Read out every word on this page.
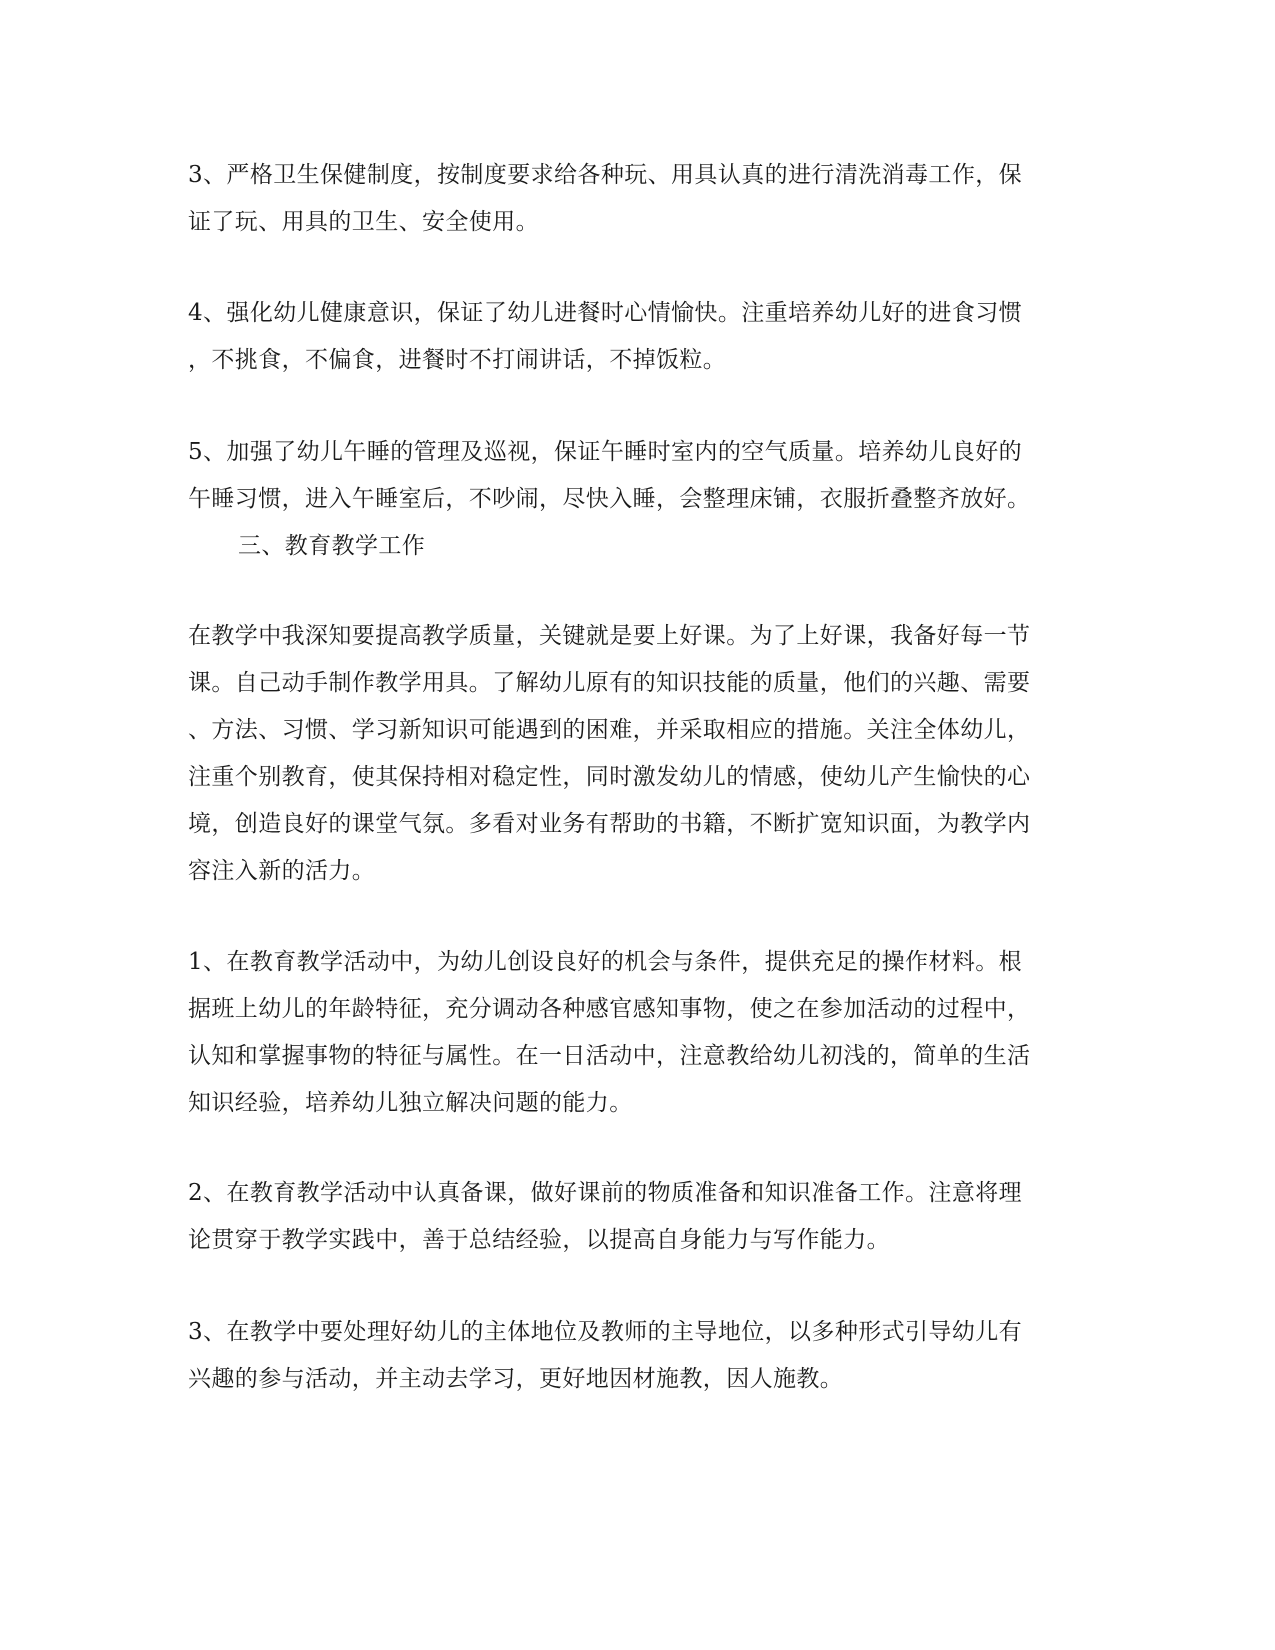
3、严格卫生保健制度，按制度要求给各种玩、用具认真的进行清洗消毒工作，保
证了玩、用具的卫生、安全使用。

4、强化幼儿健康意识，保证了幼儿进餐时心情愉快。注重培养幼儿好的进食习惯
，不挑食，不偏食，进餐时不打闹讲话，不掉饭粒。

5、加强了幼儿午睡的管理及巡视，保证午睡时室内的空气质量。培养幼儿良好的
午睡习惯，进入午睡室后，不吵闹，尽快入睡，会整理床铺，衣服折叠整齐放好。

三、教育教学工作

在教学中我深知要提高教学质量，关键就是要上好课。为了上好课，我备好每一节
课。自己动手制作教学用具。了解幼儿原有的知识技能的质量，他们的兴趣、需要
、方法、习惯、学习新知识可能遇到的困难，并采取相应的措施。关注全体幼儿，
注重个别教育，使其保持相对稳定性，同时激发幼儿的情感，使幼儿产生愉快的心
境，创造良好的课堂气氛。多看对业务有帮助的书籍，不断扩宽知识面，为教学内
容注入新的活力。

1、在教育教学活动中，为幼儿创设良好的机会与条件，提供充足的操作材料。根
据班上幼儿的年龄特征，充分调动各种感官感知事物，使之在参加活动的过程中，
认知和掌握事物的特征与属性。在一日活动中，注意教给幼儿初浅的，简单的生活
知识经验，培养幼儿独立解决问题的能力。

2、在教育教学活动中认真备课，做好课前的物质准备和知识准备工作。注意将理
论贯穿于教学实践中，善于总结经验，以提高自身能力与写作能力。

3、在教学中要处理好幼儿的主体地位及教师的主导地位，以多种形式引导幼儿有
兴趣的参与活动，并主动去学习，更好地因材施教，因人施教。
